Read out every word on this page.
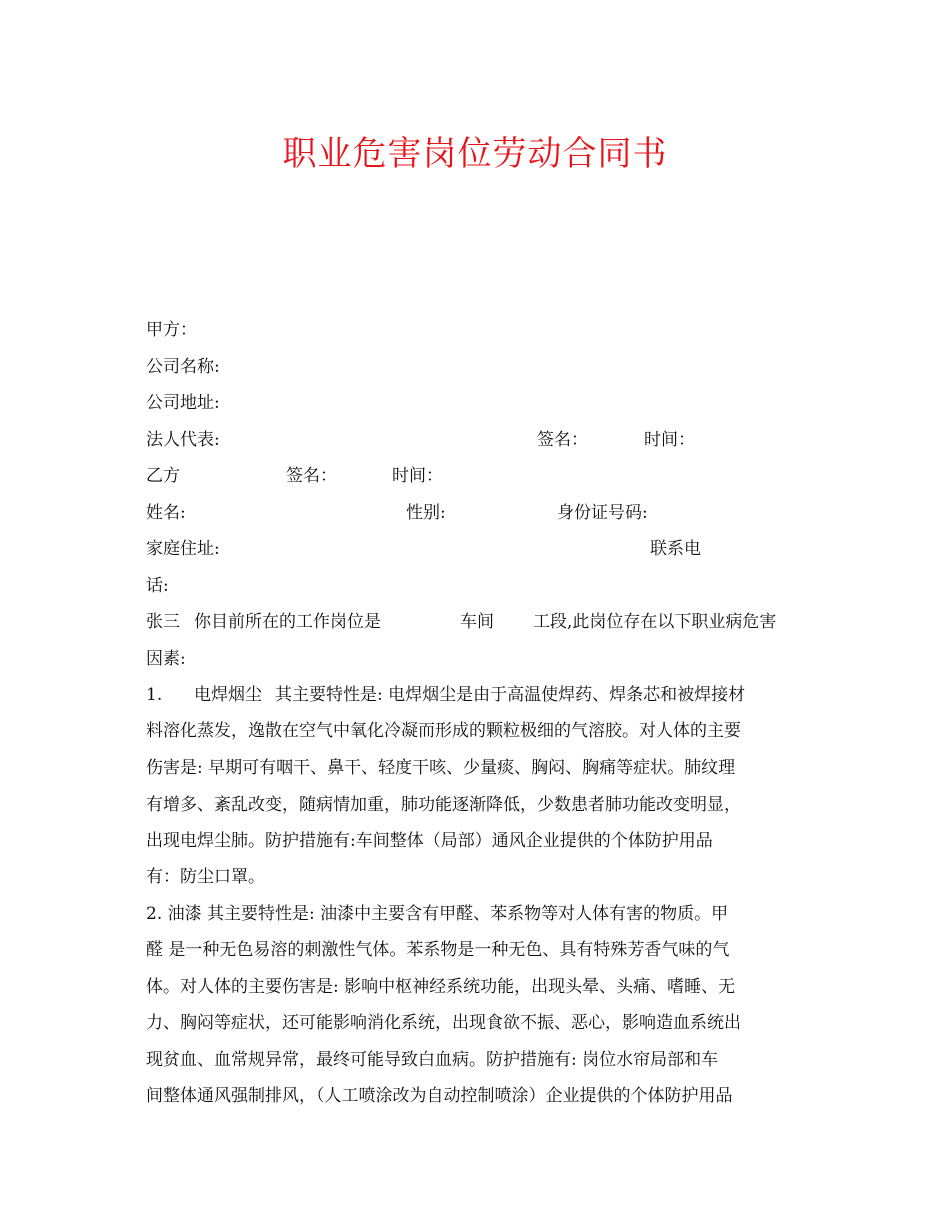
职业危害岗位劳动合同书
甲方：
公司名称:
公司地址:
法人代表:	签名：	时间：
乙方	签名：	时间：
姓名:	性别:	身份证号码:
家庭住址:	联系电
话:
张三 你目前所在的工作岗位是	车间 工段,此岗位存在以下职业病危害
因素:
1. 电焊烟尘 其主要特性是: 电焊烟尘是由于高温使焊药、焊条芯和被焊接材
料溶化蒸发，逸散在空气中氧化冷凝而形成的颗粒极细的气溶胶。对人体的主要
伤害是: 早期可有咽干、鼻干、轻度干咳、少量痰、胸闷、胸痛等症状。肺纹理
有增多、紊乱改变，随病情加重，肺功能逐渐降低，少数患者肺功能改变明显，
出现电焊尘肺。防护措施有:车间整体（局部）通风企业提供的个体防护用品
有：防尘口罩。
2. 油漆 其主要特性是: 油漆中主要含有甲醛、苯系物等对人体有害的物质。甲
醛 是一种无色易溶的刺激性气体。苯系物是一种无色、具有特殊芳香气味的气
体。对人体的主要伤害是: 影响中枢神经系统功能，出现头晕、头痛、嗜睡、无
力、胸闷等症状，还可能影响消化系统，出现食欲不振、恶心，影响造血系统出
现贫血、血常规异常，最终可能导致白血病。防护措施有: 岗位水帘局部和车
间整体通风强制排风，（人工喷涂改为自动控制喷涂）企业提供的个体防护用品
